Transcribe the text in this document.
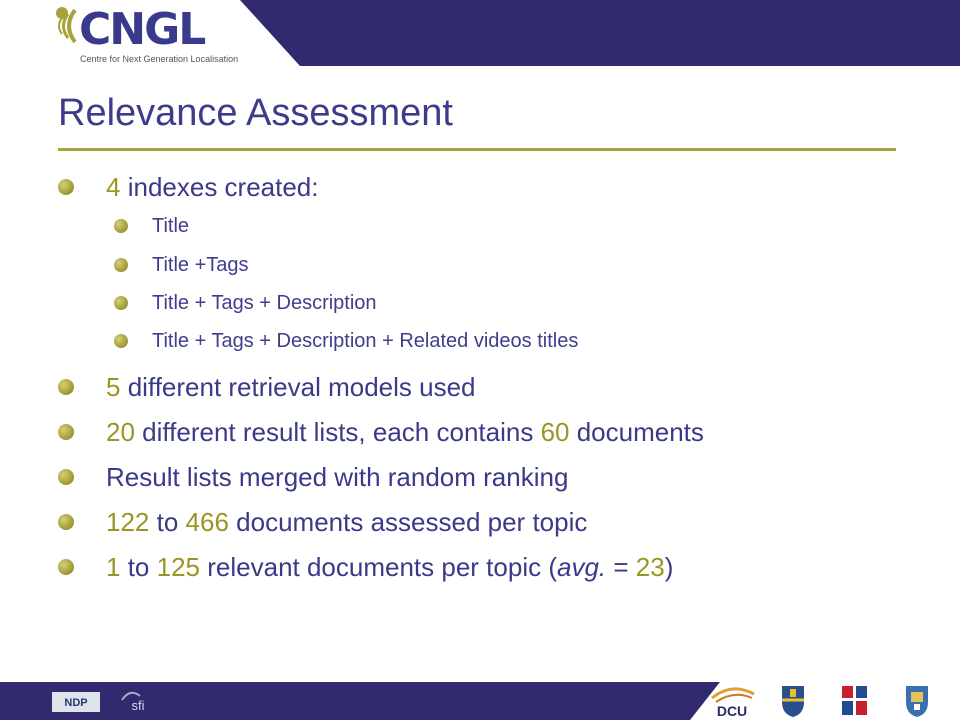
CNGL
Centre for Next Generation Localisation
Relevance Assessment
4 indexes created:
Title
Title +Tags
Title + Tags + Description
Title + Tags + Description + Related videos titles
5 different retrieval models used
20 different result lists, each contains 60 documents
Result lists merged with random ranking
122 to 466 documents assessed per topic
1 to 125 relevant documents per topic (avg. = 23)
NDP	sfi	DCU
